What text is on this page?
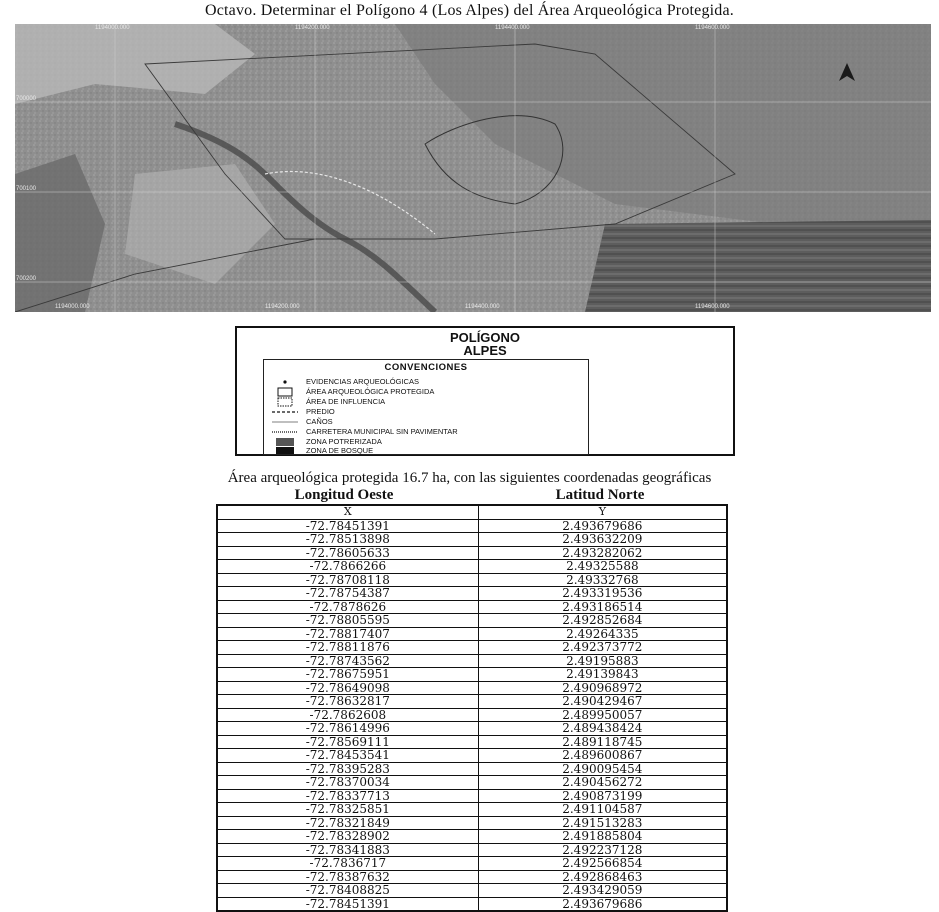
Octavo. Determinar el Polígono 4 (Los Alpes) del Área Arqueológica Protegida.
1194000.000	1194200.000	1194400.000	1194600.000
1194000.000	1194200.000	1194400.000	1194600.000
700000
700100
700200
POLÍGONO
ALPES
CONVENCIONES
EVIDENCIAS ARQUEOLÓGICAS
ÁREA ARQUEOLÓGICA PROTEGIDA
ÁREA DE INFLUENCIA
PREDIO
CAÑOS
CARRETERA MUNICIPAL SIN PAVIMENTAR
ZONA POTRERIZADA
ZONA DE BOSQUE
Área arqueológica protegida 16.7 ha, con las siguientes coordenadas geográficas
Longitud Oeste	Latitud Norte
X	Y
-72.78451391	2.493679686
-72.78513898	2.493632209
-72.78605633	2.493282062
-72.7866266	2.49325588
-72.78708118	2.49332768
-72.78754387	2.493319536
-72.7878626	2.493186514
-72.78805595	2.492852684
-72.78817407	2.49264335
-72.78811876	2.492373772
-72.78743562	2.49195883
-72.78675951	2.49139843
-72.78649098	2.490968972
-72.78632817	2.490429467
-72.7862608	2.489950057
-72.78614996	2.489438424
-72.78569111	2.489118745
-72.78453541	2.489600867
-72.78395283	2.490095454
-72.78370034	2.490456272
-72.78337713	2.490873199
-72.78325851	2.491104587
-72.78321849	2.491513283
-72.78328902	2.491885804
-72.78341883	2.492237128
-72.7836717	2.492566854
-72.78387632	2.492868463
-72.78408825	2.493429059
-72.78451391	2.493679686
